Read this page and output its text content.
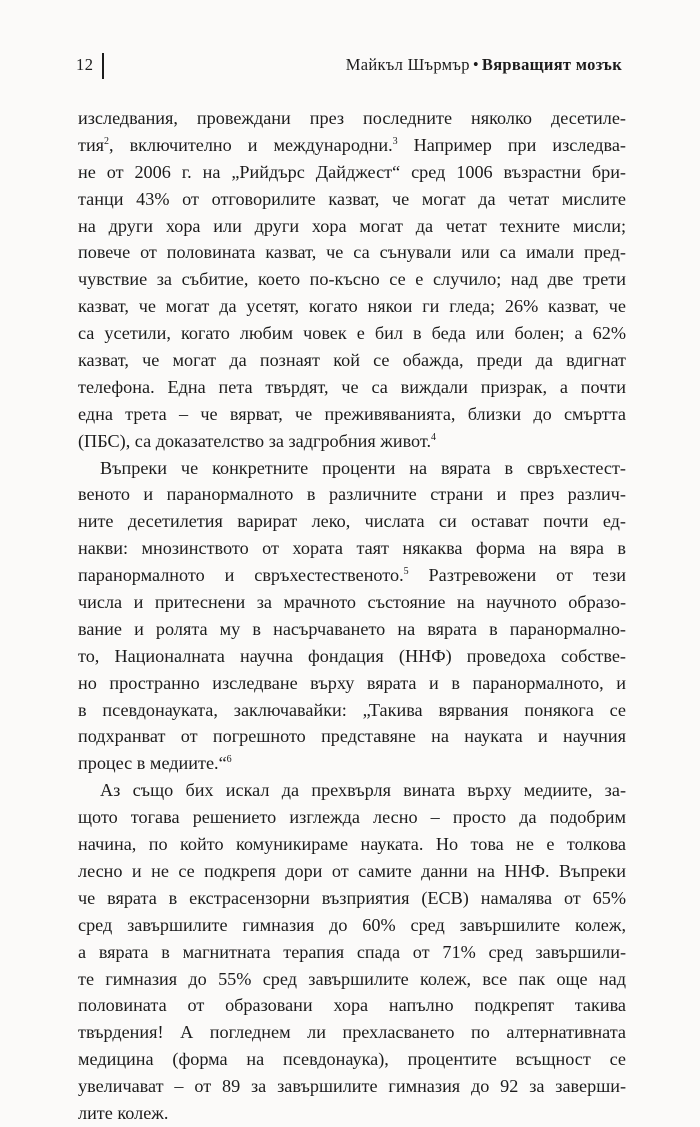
12	Майкъл Шърмър • Вярващият мозък
изследвания, провеждани през последните няколко десетиле-
тия$^2$, включително и международни.$^3$ Например при изследва-
не от 2006 г. на „Рийдърс Дайджест“ сред 1006 възрастни бри-
танци 43% от отговорилите казват, че могат да четат мислите
на други хора или други хора могат да четат техните мисли;
повече от половината казват, че са сънували или са имали пред-
чувствие за събитие, което по-късно се е случило; над две трети
казват, че могат да усетят, когато някои ги гледа; 26% казват, че
са усетили, когато любим човек е бил в беда или болен; а 62%
казват, че могат да познаят кой се обажда, преди да вдигнат
телефона. Една пета твърдят, че са виждали призрак, а почти
една трета – че вярват, че преживяванията, близки до смъртта
(ПБС), са доказателство за задгробния живот.$^4$
Въпреки че конкретните проценти на вярата в свръхестест-
веното и паранормалното в различните страни и през различ-
ните десетилетия варират леко, числата си остават почти ед-
накви: мнозинството от хората таят някаква форма на вяра в
паранормалното и свръхестественото.$^5$ Разтревожени от тези
числа и притеснени за мрачното състояние на научното образо-
вание и ролята му в насърчаването на вярата в паранормално-
то, Националната научна фондация (ННФ) проведоха собстве-
но пространно изследване върху вярата и в паранормалното, и
в псевдонауката, заключавайки: „Такива вярвания понякога се
подхранват от погрешното представяне на науката и научния
процес в медиите.“$^6$
Аз също бих искал да прехвърля вината върху медиите, за-
щото тогава решението изглежда лесно – просто да подобрим
начина, по който комуникираме науката. Но това не е толкова
лесно и не се подкрепя дори от самите данни на ННФ. Въпреки
че вярата в екстрасензорни възприятия (ЕСВ) намалява от 65%
сред завършилите гимназия до 60% сред завършилите колеж,
а вярата в магнитната терапия спада от 71% сред завършили-
те гимназия до 55% сред завършилите колеж, все пак още над
половината от образовани хора напълно подкрепят такива
твърдения! А погледнем ли прехласването по алтернативната
медицина (форма на псевдонаука), процентите всъщност се
увеличават – от 89 за завършилите гимназия до 92 за заверши-
лите колеж.
